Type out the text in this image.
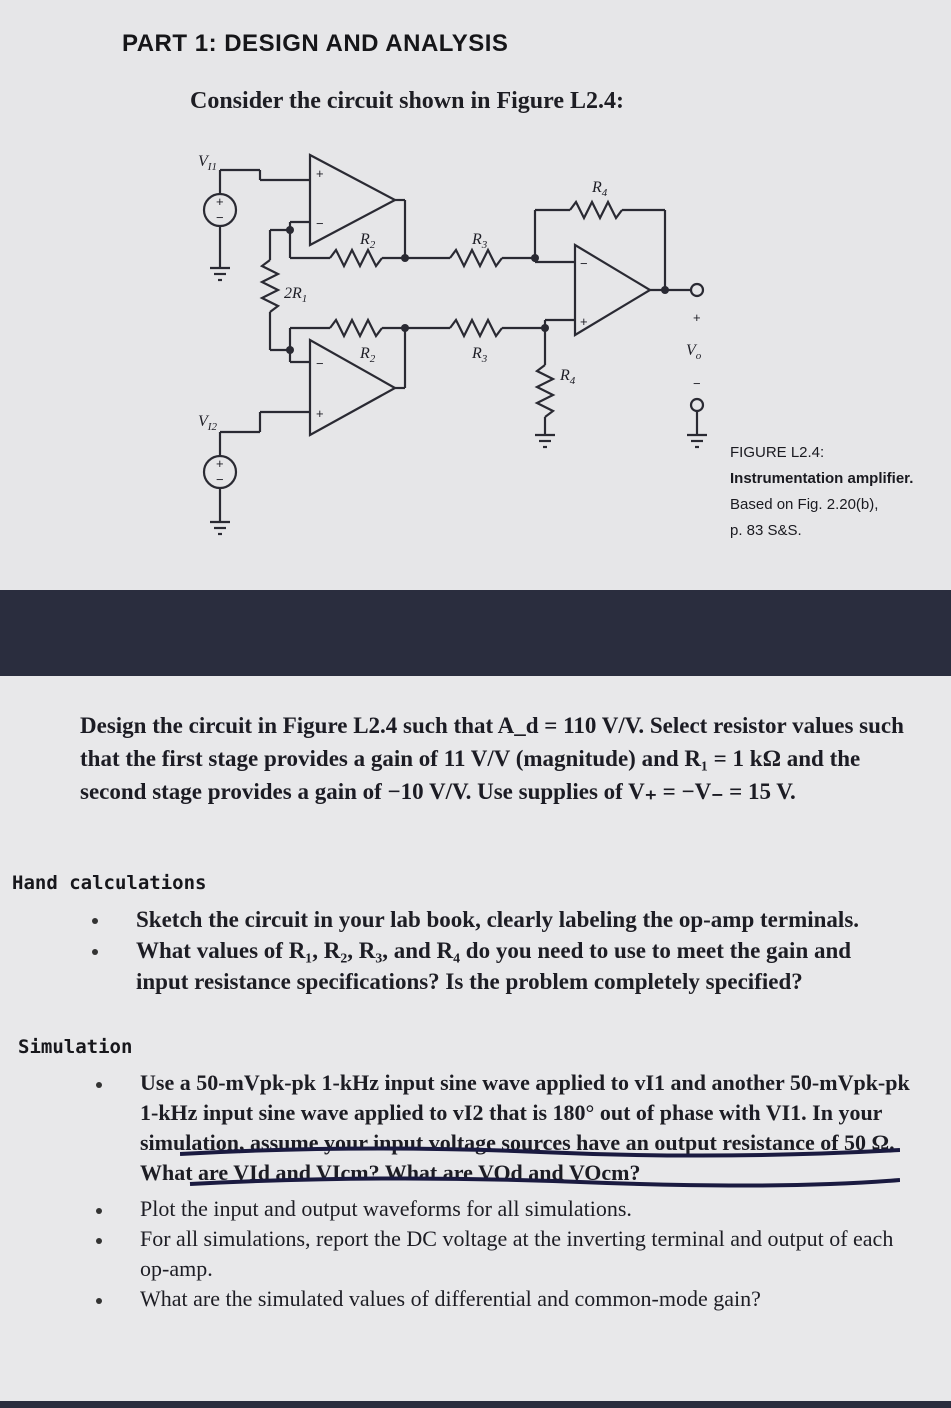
PART 1: DESIGN AND ANALYSIS
Consider the circuit shown in Figure L2.4:
$V_{I1}$
$V_{I2}$
$2R_1$
$R_2$
$R_2$
$R_3$
$R_3$
$R_4$
$R_4$
$V_o$
+
−
−
+
−
+
+
−
+
−
+
−
FIGURE L2.4:
Instrumentation amplifier.
Based on Fig. 2.20(b),
p. 83 S&S.
Design the circuit in Figure L2.4 such that A_d = 110 V/V. Select resistor values such that the first stage provides a gain of 11 V/V (magnitude) and R₁ = 1 kΩ and the second stage provides a gain of −10 V/V. Use supplies of V₊ = −V₋ = 15 V.
Hand calculations
Sketch the circuit in your lab book, clearly labeling the op-amp terminals.
What values of R₁, R₂, R₃, and R₄ do you need to use to meet the gain and input resistance specifications? Is the problem completely specified?
Simulation
Use a 50-mVpk-pk 1-kHz input sine wave applied to vI1 and another 50-mVpk-pk 1-kHz input sine wave applied to vI2 that is 180° out of phase with VI1. In your simulation, assume your input voltage sources have an output resistance of 50 Ω. What are VId and VIcm? What are VOd and VOcm?
Plot the input and output waveforms for all simulations.
For all simulations, report the DC voltage at the inverting terminal and output of each op-amp.
What are the simulated values of differential and common-mode gain?
